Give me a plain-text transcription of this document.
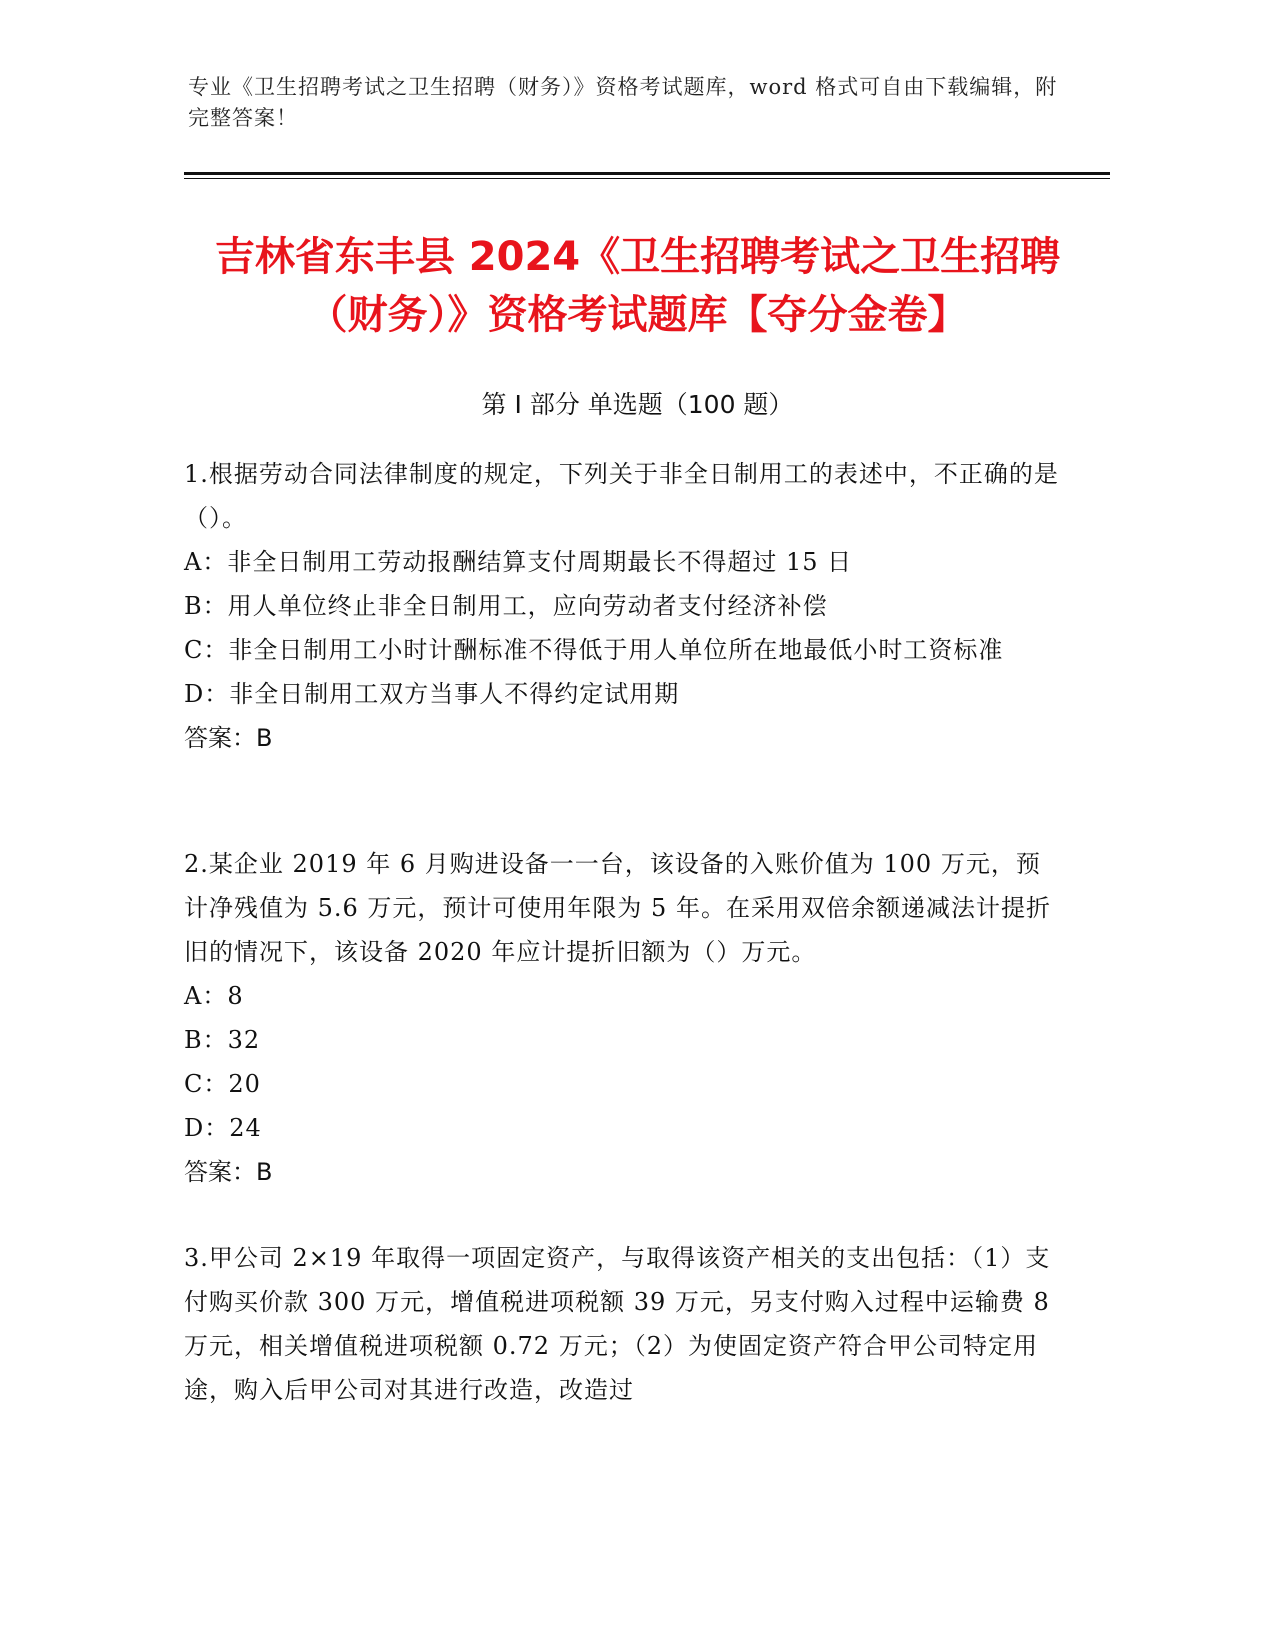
专业《卫生招聘考试之卫生招聘（财务）》资格考试题库，word 格式可自由下载编辑，附完整答案！
吉林省东丰县 2024《卫生招聘考试之卫生招聘（财务）》资格考试题库【夺分金卷】
第 I 部分 单选题（100 题）

1.根据劳动合同法律制度的规定，下列关于非全日制用工的表述中，不正确的是（）。

A：非全日制用工劳动报酬结算支付周期最长不得超过 15 日

B：用人单位终止非全日制用工，应向劳动者支付经济补偿

C：非全日制用工小时计酬标准不得低于用人单位所在地最低小时工资标准

D：非全日制用工双方当事人不得约定试用期

答案：B

2.某企业 2019 年 6 月购进设备一一台，该设备的入账价值为 100 万元，预计净残值为 5.6 万元，预计可使用年限为 5 年。在采用双倍余额递减法计提折旧的情况下，该设备 2020 年应计提折旧额为（）万元。

A：8

B：32

C：20

D：24

答案：B

3.甲公司 2×19 年取得一项固定资产，与取得该资产相关的支出包括：（1）支付购买价款 300 万元，增值税进项税额 39 万元，另支付购入过程中运输费 8 万元，相关增值税进项税额 0.72 万元；（2）为使固定资产符合甲公司特定用途，购入后甲公司对其进行改造，改造过
